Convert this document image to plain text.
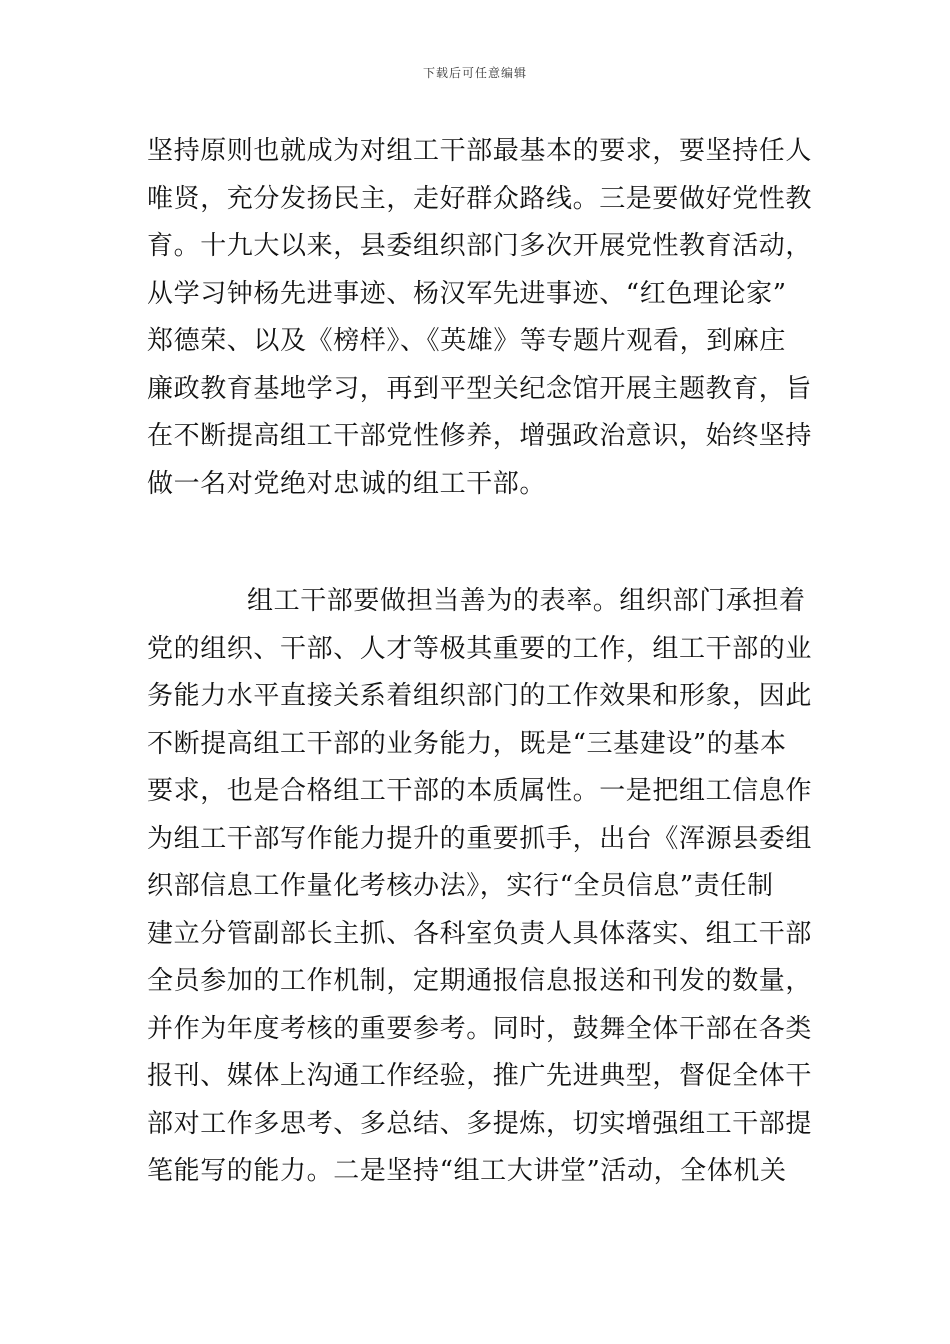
下载后可任意编辑
坚持原则也就成为对组工干部最基本的要求，要坚持任人
唯贤，充分发扬民主，走好群众路线。三是要做好党性教
育。十九大以来，县委组织部门多次开展党性教育活动，
从学习钟杨先进事迹、杨汉军先进事迹、“红色理论家”
郑德荣、以及《榜样》、《英雄》等专题片观看，到麻庄
廉政教育基地学习，再到平型关纪念馆开展主题教育，旨
在不断提高组工干部党性修养，增强政治意识，始终坚持
做一名对党绝对忠诚的组工干部。
组工干部要做担当善为的表率。组织部门承担着
党的组织、干部、人才等极其重要的工作，组工干部的业
务能力水平直接关系着组织部门的工作效果和形象，因此
不断提高组工干部的业务能力，既是“三基建设”的基本
要求，也是合格组工干部的本质属性。一是把组工信息作
为组工干部写作能力提升的重要抓手，出台《浑源县委组
织部信息工作量化考核办法》，实行“全员信息”责任制
建立分管副部长主抓、各科室负责人具体落实、组工干部
全员参加的工作机制，定期通报信息报送和刊发的数量，
并作为年度考核的重要参考。同时，鼓舞全体干部在各类
报刊、媒体上沟通工作经验，推广先进典型，督促全体干
部对工作多思考、多总结、多提炼，切实增强组工干部提
笔能写的能力。二是坚持“组工大讲堂”活动，全体机关
